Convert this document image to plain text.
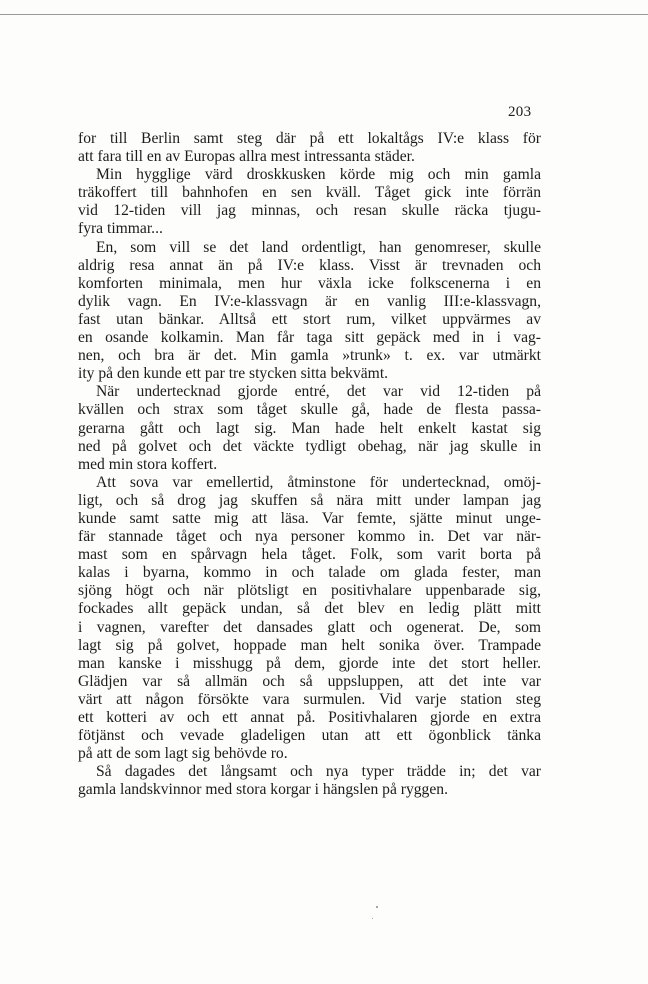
203
for till Berlin samt steg där på ett lokaltågs IV:e klass för
att fara till en av Europas allra mest intressanta städer.
Min hygglige värd droskkusken körde mig och min gamla
träkoffert till bahnhofen en sen kväll. Tåget gick inte förrän
vid 12-tiden vill jag minnas, och resan skulle räcka tjugu-
fyra timmar...
En, som vill se det land ordentligt, han genomreser, skulle
aldrig resa annat än på IV:e klass. Visst är trevnaden och
komforten minimala, men hur växla icke folkscenerna i en
dylik vagn. En IV:e-klassvagn är en vanlig III:e-klassvagn,
fast utan bänkar. Alltså ett stort rum, vilket uppvärmes av
en osande kolkamin. Man får taga sitt gepäck med in i vag-
nen, och bra är det. Min gamla »trunk» t. ex. var utmärkt
ity på den kunde ett par tre stycken sitta bekvämt.
När undertecknad gjorde entré, det var vid 12-tiden på
kvällen och strax som tåget skulle gå, hade de flesta passa-
gerarna gått och lagt sig. Man hade helt enkelt kastat sig
ned på golvet och det väckte tydligt obehag, när jag skulle in
med min stora koffert.
Att sova var emellertid, åtminstone för undertecknad, omöj-
ligt, och så drog jag skuffen så nära mitt under lampan jag
kunde samt satte mig att läsa. Var femte, sjätte minut unge-
fär stannade tåget och nya personer kommo in. Det var när-
mast som en spårvagn hela tåget. Folk, som varit borta på
kalas i byarna, kommo in och talade om glada fester, man
sjöng högt och när plötsligt en positivhalare uppenbarade sig,
fockades allt gepäck undan, så det blev en ledig plätt mitt
i vagnen, varefter det dansades glatt och ogenerat. De, som
lagt sig på golvet, hoppade man helt sonika över. Trampade
man kanske i misshugg på dem, gjorde inte det stort heller.
Glädjen var så allmän och så uppsluppen, att det inte var
värt att någon försökte vara surmulen. Vid varje station steg
ett kotteri av och ett annat på. Positivhalaren gjorde en extra
fötjänst och vevade gladeligen utan att ett ögonblick tänka
på att de som lagt sig behövde ro.
Så dagades det långsamt och nya typer trädde in; det var
gamla landskvinnor med stora korgar i hängslen på ryggen.
